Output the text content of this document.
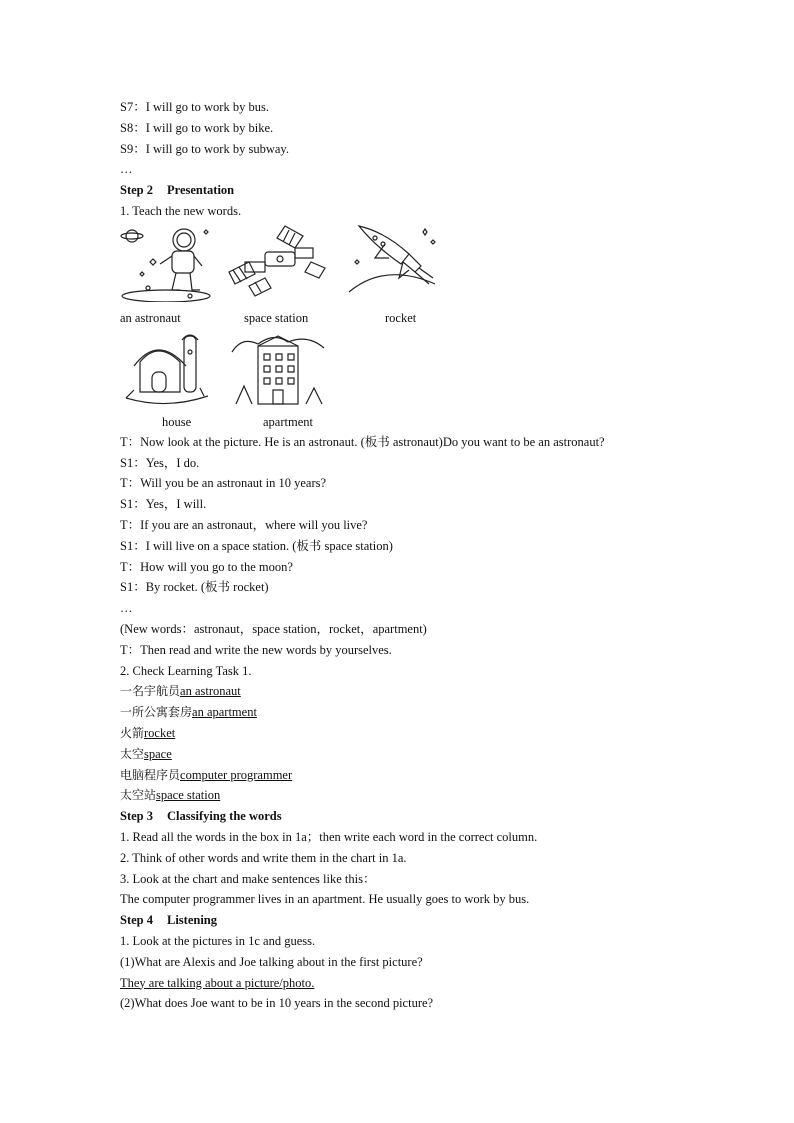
S7：I will go to work by bus.
S8：I will go to work by bike.
S9：I will go to work by subway.
…
Step 2 Presentation
1. Teach the new words.
an astronaut	space station	rocket
house	apartment
T：Now look at the picture. He is an astronaut. (板书 astronaut)Do you want to be an astronaut?
S1：Yes，I do.
T：Will you be an astronaut in 10 years?
S1：Yes，I will.
T：If you are an astronaut，where will you live?
S1：I will live on a space station. (板书 space station)
T：How will you go to the moon?
S1：By rocket. (板书 rocket)
…
(New words：astronaut，space station，rocket，apartment)
T：Then read and write the new words by yourselves.
2. Check Learning Task 1.
一名宇航员an astronaut
一所公寓套房an apartment
火箭rocket
太空space
电脑程序员computer programmer
太空站space station
Step 3 Classifying the words
1. Read all the words in the box in 1a；then write each word in the correct column.
2. Think of other words and write them in the chart in 1a.
3. Look at the chart and make sentences like this：
The computer programmer lives in an apartment. He usually goes to work by bus.
Step 4 Listening
1. Look at the pictures in 1c and guess.
(1)What are Alexis and Joe talking about in the first picture?
They are talking about a picture/photo.
(2)What does Joe want to be in 10 years in the second picture?
